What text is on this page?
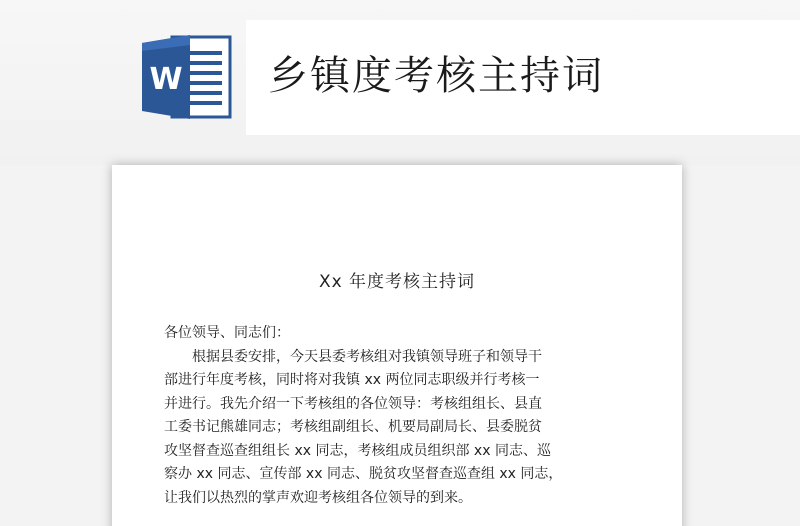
W 乡镇度考核主持词
Xx 年度考核主持词
各位领导、同志们：
根据县委安排，今天县委考核组对我镇领导班子和领导干
部进行年度考核，同时将对我镇 xx 两位同志职级并行考核一
并进行。我先介绍一下考核组的各位领导：考核组组长、县直
工委书记熊雄同志；考核组副组长、机要局副局长、县委脱贫
攻坚督查巡查组组长 xx 同志，考核组成员组织部 xx 同志、巡
察办 xx 同志、宣传部 xx 同志、脱贫攻坚督查巡查组 xx 同志，
让我们以热烈的掌声欢迎考核组各位领导的到来。
